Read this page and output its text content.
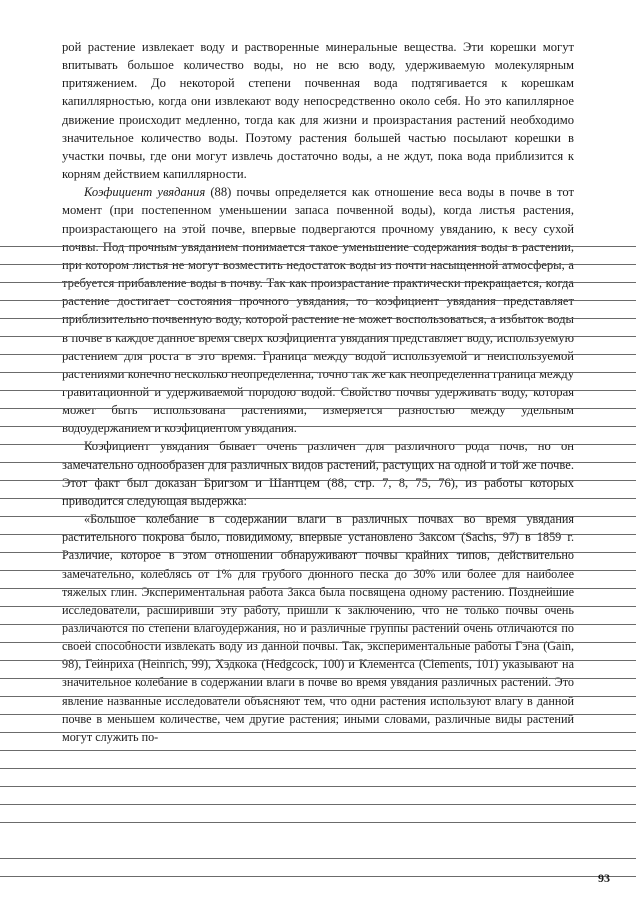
рой растение извлекает воду и растворенные минеральные вещества. Эти корешки могут впитывать большое количество воды, но не всю воду, удерживаемую молекулярным притяжением. До некоторой степени почвенная вода подтягивается к корешкам капиллярностью, когда они извлекают воду непосредственно около себя. Но это капиллярное движение происходит медленно, тогда как для жизни и произрастания растений необходимо значительное количество воды. Поэтому растения большей частью посылают корешки в участки почвы, где они могут извлечь достаточно воды, а не ждут, пока вода приблизится к корням действием капиллярности.

Коэфициент увядания (88) почвы определяется как отношение веса воды в почве в тот момент (при постепенном уменьшении запаса почвенной воды), когда листья растения, произрастающего на этой почве, впервые подвергаются прочному увяданию, к весу сухой почвы. Под прочным увяданием понимается такое уменьшение содержания воды в растении, при котором листья не могут возместить недостаток воды из почти насыщенной атмосферы, а требуется прибавление воды в почву. Так как произрастание практически прекращается, когда растение достигает состояния прочного увядания, то коэфициент увядания представляет приблизительно почвенную воду, которой растение не может воспользоваться, а избыток воды в почве в каждое данное время сверх коэфициента увядания представляет воду, используемую растением для роста в это время. Граница между водой используемой и неиспользуемой растениями конечно несколько неопределенна, точно так же как неопределенна граница между гравитационной и удерживаемой породою водой. Свойство почвы удерживать воду, которая может быть использована растениями, измеряется разностью между удельным водоудержанием и коэфициентом увядания.

Коэфициент увядания бывает очень различен для различного рода почв, но он замечательно однообразен для различных видов растений, растущих на одной и той же почве. Этот факт был доказан Бригзом и Шантцем (88, стр. 7, 8, 75, 76), из работы которых приводится следующая выдержка:

«Большое колебание в содержании влаги в различных почвах во время увядания растительного покрова было, повидимому, впервые установлено Заксом (Sachs, 97) в 1859 г. Различие, которое в этом отношении обнаруживают почвы крайних типов, действительно замечательно, колеблясь от 1% для грубого дюнного песка до 30% или более для наиболее тяжелых глин. Экспериментальная работа Закса была посвящена одному растению. Позднейшие исследователи, расширивши эту работу, пришли к заключению, что не только почвы очень различаются по степени влагоудержания, но и различные группы растений очень отличаются по своей способности извлекать воду из данной почвы. Так, экспериментальные работы Гэна (Gain, 98), Гейнриха (Heinrich, 99), Хэдкока (Hedgcock, 100) и Клементса (Clements, 101) указывают на значительное колебание в содержании влаги в почве во время увядания различных растений. Это явление названные исследователи объясняют тем, что одни растения используют влагу в данной почве в меньшем количестве, чем другие растения; иными словами, различные виды растений могут служить по-

93
